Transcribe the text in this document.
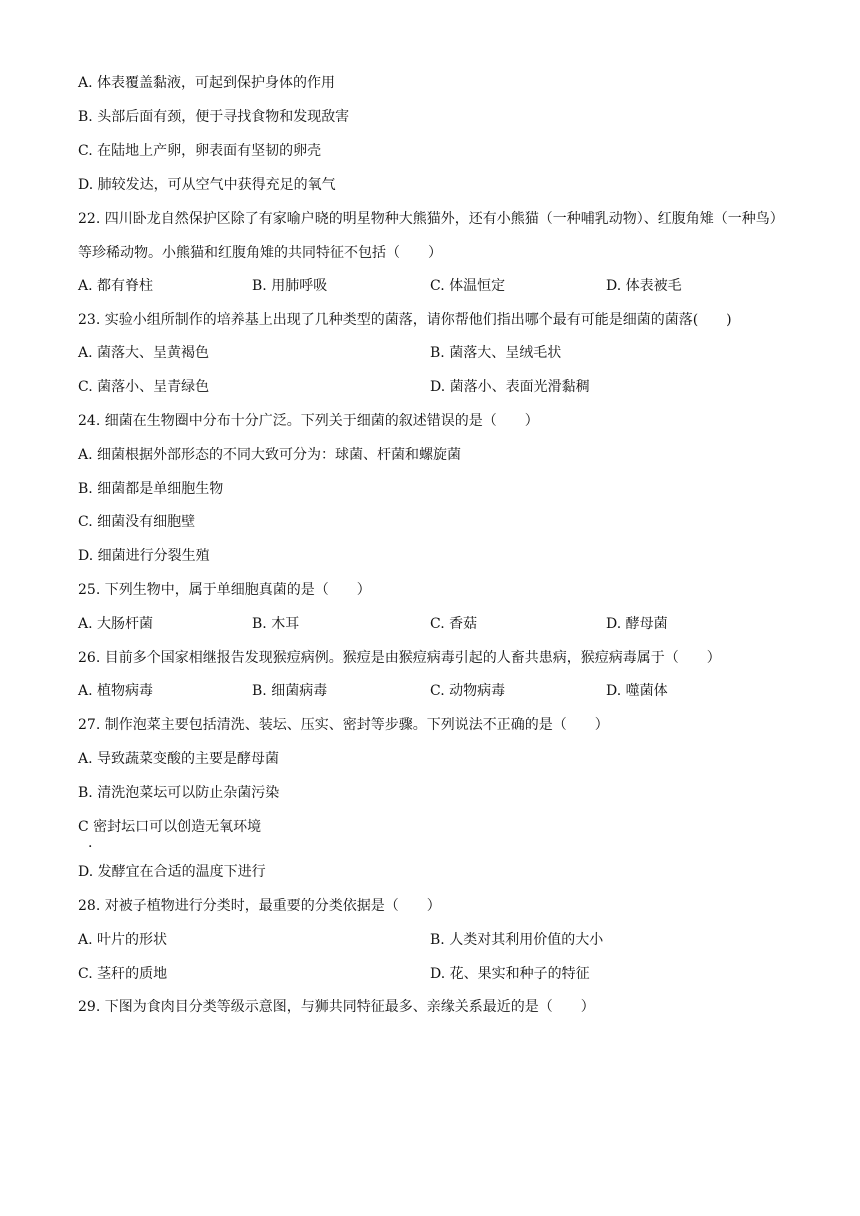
A. 体表覆盖黏液，可起到保护身体的作用
B. 头部后面有颈，便于寻找食物和发现敌害
C. 在陆地上产卵，卵表面有坚韧的卵壳
D. 肺较发达，可从空气中获得充足的氧气
22. 四川卧龙自然保护区除了有家喻户晓的明星物种大熊猫外，还有小熊猫（一种哺乳动物）、红腹角雉（一种鸟）等珍稀动物。小熊猫和红腹角雉的共同特征不包括（　　）
A. 都有脊柱	B. 用肺呼吸	C. 体温恒定	D. 体表被毛
23. 实验小组所制作的培养基上出现了几种类型的菌落，请你帮他们指出哪个最有可能是细菌的菌落(　　)
A. 菌落大、呈黄褐色	B. 菌落大、呈绒毛状
C. 菌落小、呈青绿色	D. 菌落小、表面光滑黏稠
24. 细菌在生物圈中分布十分广泛。下列关于细菌的叙述错误的是（　　）
A. 细菌根据外部形态的不同大致可分为：球菌、杆菌和螺旋菌
B. 细菌都是单细胞生物
C. 细菌没有细胞壁
D. 细菌进行分裂生殖
25. 下列生物中，属于单细胞真菌的是（　　）
A. 大肠杆菌	B. 木耳	C. 香菇	D. 酵母菌
26. 目前多个国家相继报告发现猴痘病例。猴痘是由猴痘病毒引起的人畜共患病，猴痘病毒属于（　　）
A. 植物病毒	B. 细菌病毒	C. 动物病毒	D. 噬菌体
27. 制作泡菜主要包括清洗、装坛、压实、密封等步骤。下列说法不正确的是（　　）
A. 导致蔬菜变酸的主要是酵母菌
B. 清洗泡菜坛可以防止杂菌污染
C 密封坛口可以创造无氧环境
.
D. 发酵宜在合适的温度下进行
28. 对被子植物进行分类时，最重要的分类依据是（　　）
A. 叶片的形状	B. 人类对其利用价值的大小
C. 茎秆的质地	D. 花、果实和种子的特征
29. 下图为食肉目分类等级示意图，与狮共同特征最多、亲缘关系最近的是（　　）
